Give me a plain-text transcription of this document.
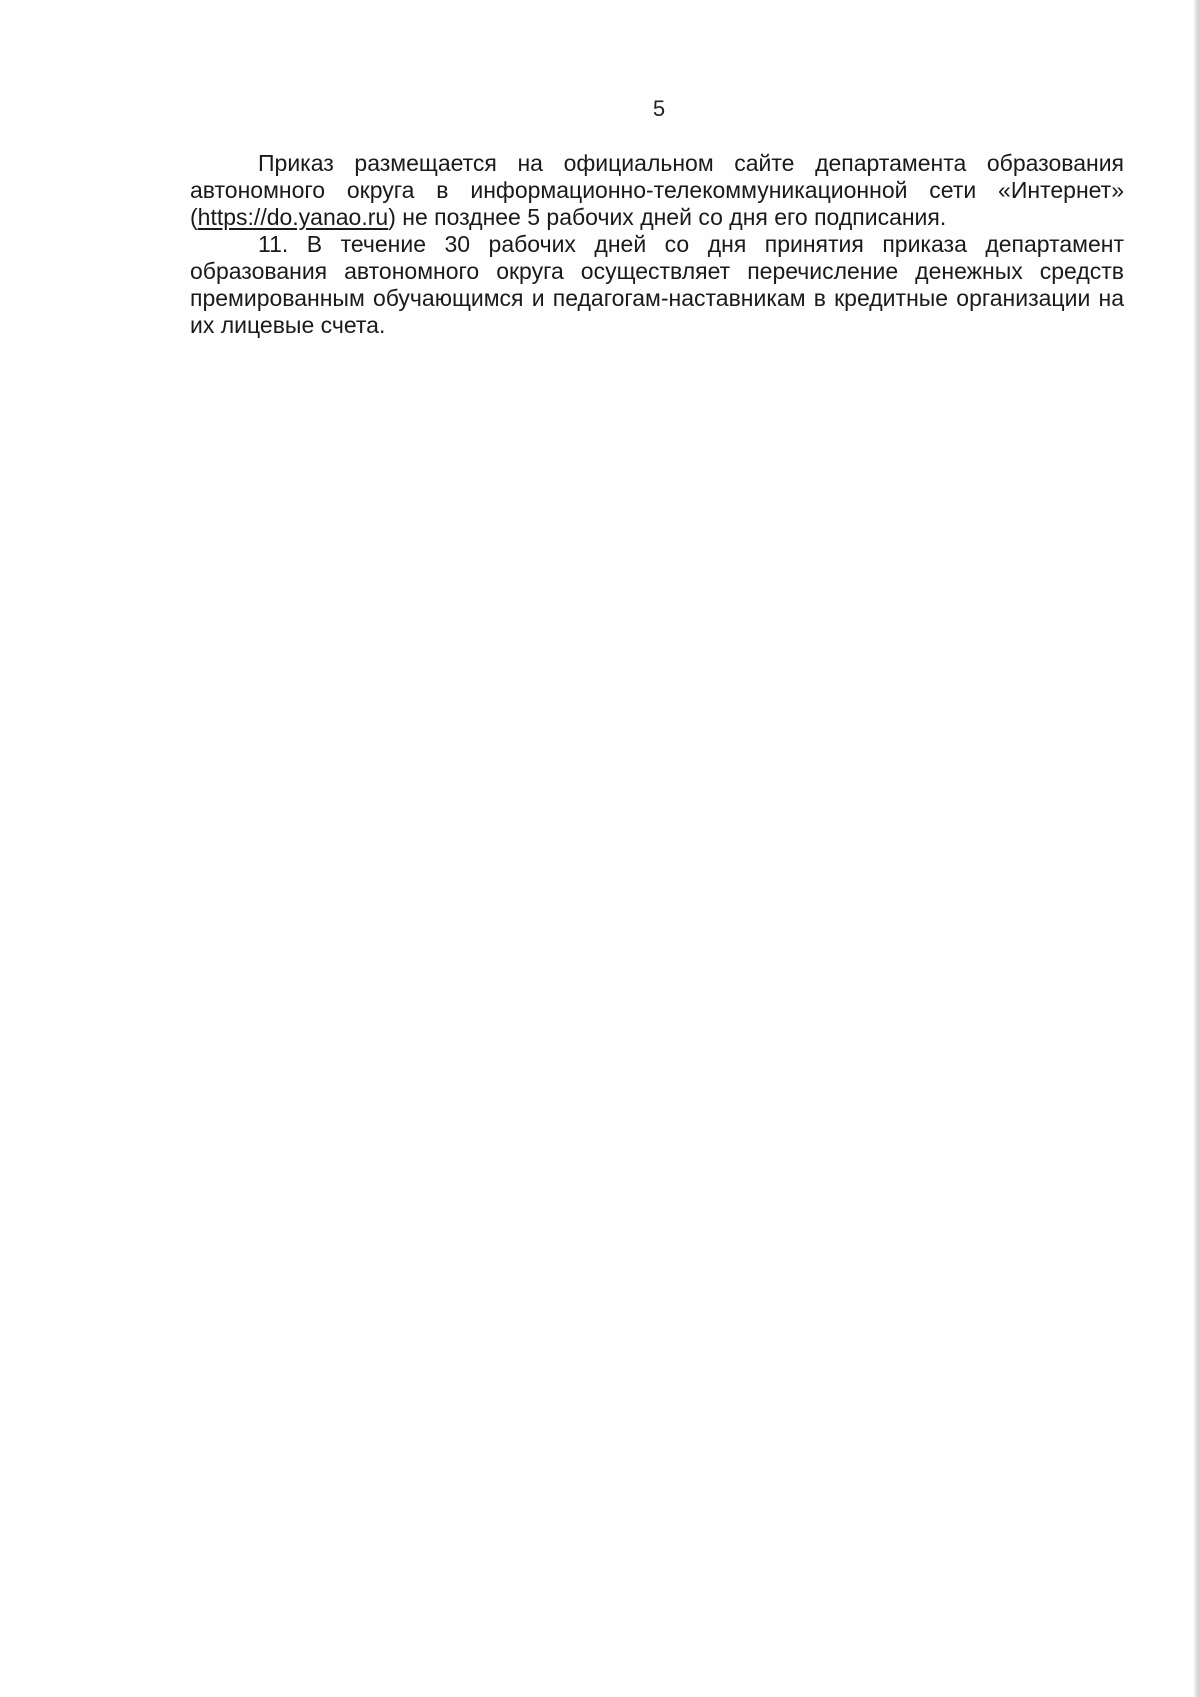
5

Приказ размещается на официальном сайте департамента образования автономного округа в информационно-телекоммуникационной сети «Интернет» (https://do.yanao.ru) не позднее 5 рабочих дней со дня его подписания.

11. В течение 30 рабочих дней со дня принятия приказа департамент образования автономного округа осуществляет перечисление денежных средств премированным обучающимся и педагогам-наставникам в кредитные организации на их лицевые счета.
